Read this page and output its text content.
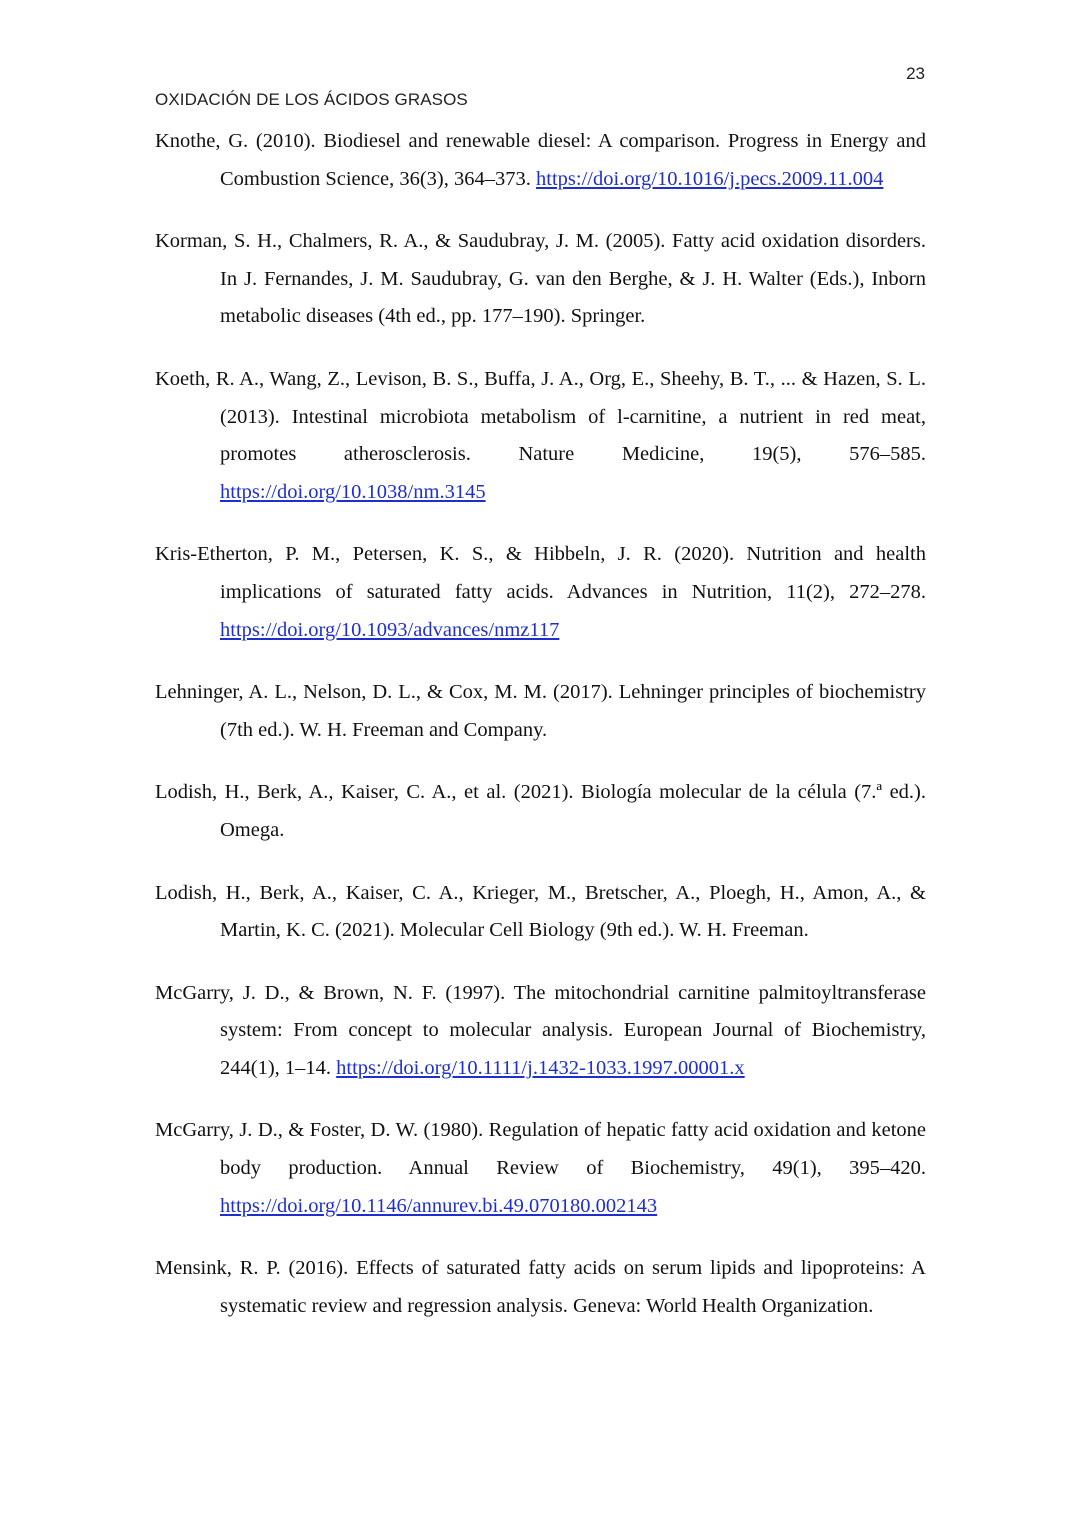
23
OXIDACIÓN DE LOS ÁCIDOS GRASOS

Knothe, G. (2010). Biodiesel and renewable diesel: A comparison. Progress in Energy and Combustion Science, 36(3), 364–373. https://doi.org/10.1016/j.pecs.2009.11.004

Korman, S. H., Chalmers, R. A., & Saudubray, J. M. (2005). Fatty acid oxidation disorders. In J. Fernandes, J. M. Saudubray, G. van den Berghe, & J. H. Walter (Eds.), Inborn metabolic diseases (4th ed., pp. 177–190). Springer.

Koeth, R. A., Wang, Z., Levison, B. S., Buffa, J. A., Org, E., Sheehy, B. T., ... & Hazen, S. L. (2013). Intestinal microbiota metabolism of l-carnitine, a nutrient in red meat, promotes atherosclerosis. Nature Medicine, 19(5), 576–585. https://doi.org/10.1038/nm.3145

Kris-Etherton, P. M., Petersen, K. S., & Hibbeln, J. R. (2020). Nutrition and health implications of saturated fatty acids. Advances in Nutrition, 11(2), 272–278. https://doi.org/10.1093/advances/nmz117

Lehninger, A. L., Nelson, D. L., & Cox, M. M. (2017). Lehninger principles of biochemistry (7th ed.). W. H. Freeman and Company.

Lodish, H., Berk, A., Kaiser, C. A., et al. (2021). Biología molecular de la célula (7.ª ed.). Omega.

Lodish, H., Berk, A., Kaiser, C. A., Krieger, M., Bretscher, A., Ploegh, H., Amon, A., & Martin, K. C. (2021). Molecular Cell Biology (9th ed.). W. H. Freeman.

McGarry, J. D., & Brown, N. F. (1997). The mitochondrial carnitine palmitoyltransferase system: From concept to molecular analysis. European Journal of Biochemistry, 244(1), 1–14. https://doi.org/10.1111/j.1432-1033.1997.00001.x

McGarry, J. D., & Foster, D. W. (1980). Regulation of hepatic fatty acid oxidation and ketone body production. Annual Review of Biochemistry, 49(1), 395–420. https://doi.org/10.1146/annurev.bi.49.070180.002143

Mensink, R. P. (2016). Effects of saturated fatty acids on serum lipids and lipoproteins: A systematic review and regression analysis. Geneva: World Health Organization.
